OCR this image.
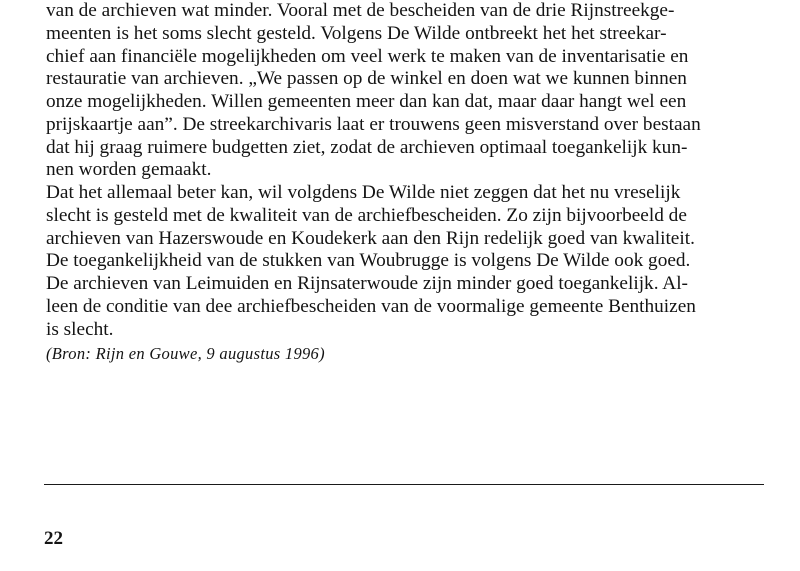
van de archieven wat minder. Vooral met de bescheiden van de drie Rijnstreekge-
meenten is het soms slecht gesteld. Volgens De Wilde ontbreekt het het streekar-
chief aan financiële mogelijkheden om veel werk te maken van de inventarisatie en
restauratie van archieven. „We passen op de winkel en doen wat we kunnen binnen
onze mogelijkheden. Willen gemeenten meer dan kan dat, maar daar hangt wel een
prijskaartje aan”. De streekarchivaris laat er trouwens geen misverstand over bestaan
dat hij graag ruimere budgetten ziet, zodat de archieven optimaal toegankelijk kun-
nen worden gemaakt.
Dat het allemaal beter kan, wil volgdens De Wilde niet zeggen dat het nu vreselijk
slecht is gesteld met de kwaliteit van de archiefbescheiden. Zo zijn bijvoorbeeld de
archieven van Hazerswoude en Koudekerk aan den Rijn redelijk goed van kwaliteit.
De toegankelijkheid van de stukken van Woubrugge is volgens De Wilde ook goed.
De archieven van Leimuiden en Rijnsaterwoude zijn minder goed toegankelijk. Al-
leen de conditie van dee archiefbescheiden van de voormalige gemeente Benthuizen
is slecht.
(Bron: Rijn en Gouwe, 9 augustus 1996)
22
